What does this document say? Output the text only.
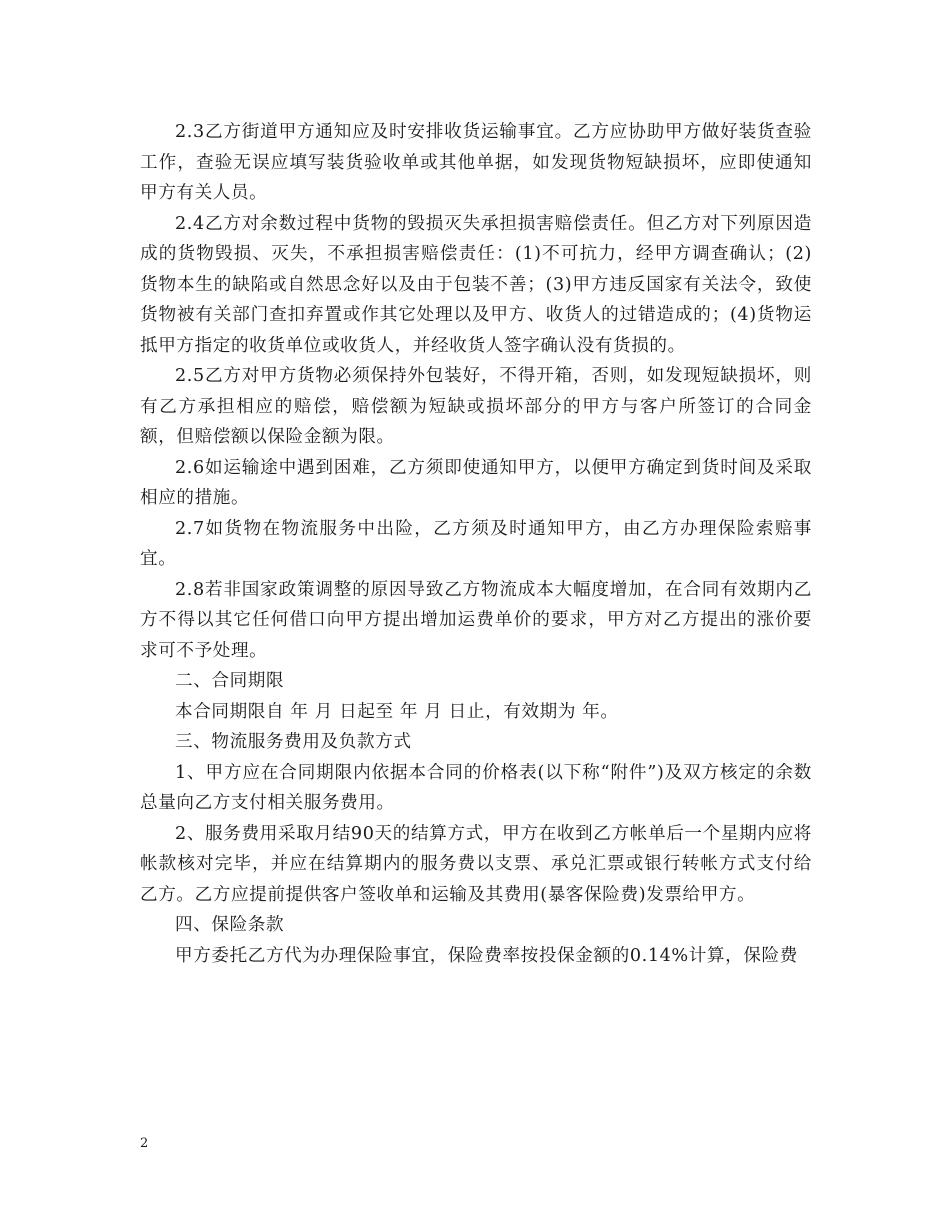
2.3乙方街道甲方通知应及时安排收货运输事宜。乙方应协助甲方做好装货查验工作，查验无误应填写装货验收单或其他单据，如发现货物短缺损坏，应即使通知甲方有关人员。

2.4乙方对余数过程中货物的毁损灭失承担损害赔偿责任。但乙方对下列原因造成的货物毁损、灭失，不承担损害赔偿责任：(1)不可抗力，经甲方调查确认；(2)货物本生的缺陷或自然思念好以及由于包装不善；(3)甲方违反国家有关法令，致使货物被有关部门查扣弃置或作其它处理以及甲方、收货人的过错造成的；(4)货物运抵甲方指定的收货单位或收货人，并经收货人签字确认没有货损的。

2.5乙方对甲方货物必须保持外包装好，不得开箱，否则，如发现短缺损坏，则有乙方承担相应的赔偿，赔偿额为短缺或损坏部分的甲方与客户所签订的合同金额，但赔偿额以保险金额为限。

2.6如运输途中遇到困难，乙方须即使通知甲方，以便甲方确定到货时间及采取相应的措施。

2.7如货物在物流服务中出险，乙方须及时通知甲方，由乙方办理保险索赔事宜。

2.8若非国家政策调整的原因导致乙方物流成本大幅度增加，在合同有效期内乙方不得以其它任何借口向甲方提出增加运费单价的要求，甲方对乙方提出的涨价要求可不予处理。

二、合同期限

本合同期限自 年 月 日起至 年 月 日止，有效期为 年。

三、物流服务费用及负款方式

1、甲方应在合同期限内依据本合同的价格表(以下称“附件”)及双方核定的余数总量向乙方支付相关服务费用。

2、服务费用采取月结90天的结算方式，甲方在收到乙方帐单后一个星期内应将帐款核对完毕，并应在结算期内的服务费以支票、承兑汇票或银行转帐方式支付给乙方。乙方应提前提供客户签收单和运输及其费用(暴客保险费)发票给甲方。

四、保险条款

甲方委托乙方代为办理保险事宜，保险费率按投保金额的0.14%计算，保险费

2
